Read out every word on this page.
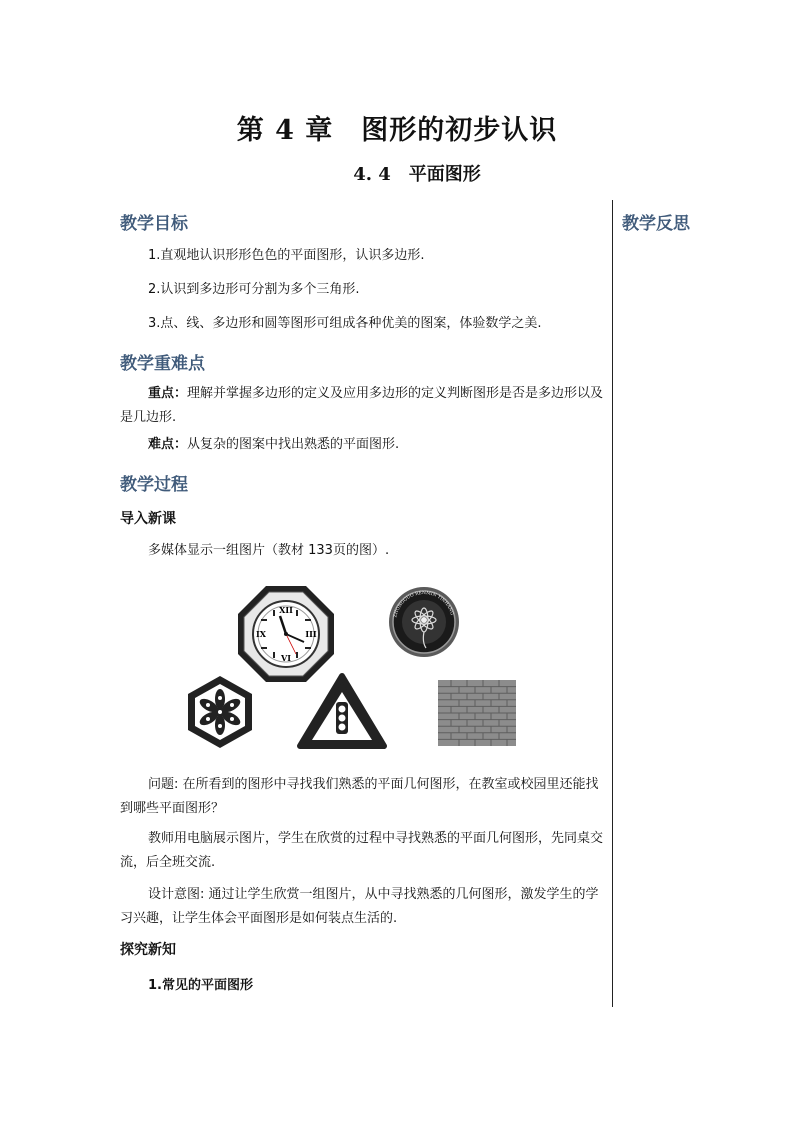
第 4 章　图形的初步认识
4. 4　平面图形
教学反思
教学目标
1.直观地认识形形色色的平面图形，认识多边形.
2.认识到多边形可分割为多个三角形.
3.点、线、多边形和圆等图形可组成各种优美的图案，体验数学之美.
教学重难点
重点：理解并掌握多边形的定义及应用多边形的定义判断图形是否是多边形以及是几边形.
难点：从复杂的图案中找出熟悉的平面图形.
教学过程
导入新课
多媒体显示一组图片（教材 133页的图）.
XII
III
VI
IX
ZHONGGUO RENMIN YINHANG
问题: 在所看到的图形中寻找我们熟悉的平面几何图形，在教室或校园里还能找到哪些平面图形？
教师用电脑展示图片，学生在欣赏的过程中寻找熟悉的平面几何图形，先同桌交流，后全班交流.
设计意图: 通过让学生欣赏一组图片，从中寻找熟悉的几何图形，激发学生的学习兴趣，让学生体会平面图形是如何装点生活的.
探究新知
1.常见的平面图形
